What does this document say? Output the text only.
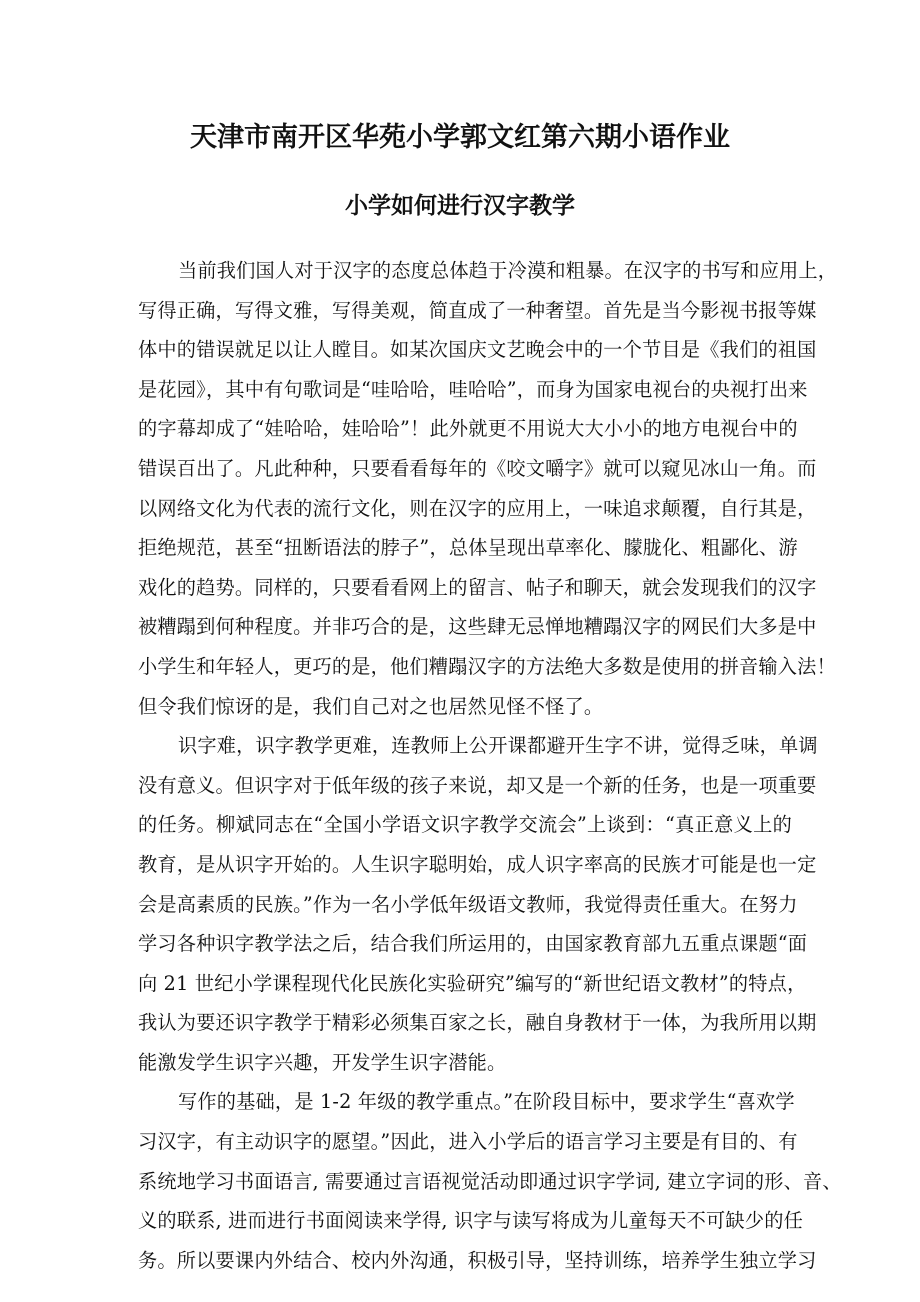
天津市南开区华苑小学郭文红第六期小语作业
小学如何进行汉字教学
当前我们国人对于汉字的态度总体趋于冷漠和粗暴。在汉字的书写和应用上，
写得正确，写得文雅，写得美观，简直成了一种奢望。首先是当今影视书报等媒
体中的错误就足以让人瞠目。如某次国庆文艺晚会中的一个节目是《我们的祖国
是花园》，其中有句歌词是“哇哈哈，哇哈哈”，而身为国家电视台的央视打出来
的字幕却成了“娃哈哈，娃哈哈”！此外就更不用说大大小小的地方电视台中的
错误百出了。凡此种种，只要看看每年的《咬文嚼字》就可以窥见冰山一角。而
以网络文化为代表的流行文化，则在汉字的应用上，一味追求颠覆，自行其是，
拒绝规范，甚至“扭断语法的脖子”，总体呈现出草率化、朦胧化、粗鄙化、游
戏化的趋势。同样的，只要看看网上的留言、帖子和聊天，就会发现我们的汉字
被糟蹋到何种程度。并非巧合的是，这些肆无忌惮地糟蹋汉字的网民们大多是中
小学生和年轻人，更巧的是，他们糟蹋汉字的方法绝大多数是使用的拼音输入法！
但令我们惊讶的是，我们自己对之也居然见怪不怪了。
识字难，识字教学更难，连教师上公开课都避开生字不讲，觉得乏味，单调
没有意义。但识字对于低年级的孩子来说，却又是一个新的任务，也是一项重要
的任务。柳斌同志在“全国小学语文识字教学交流会”上谈到：“真正意义上的
教育，是从识字开始的。人生识字聪明始，成人识字率高的民族才可能是也一定
会是高素质的民族。”作为一名小学低年级语文教师，我觉得责任重大。在努力
学习各种识字教学法之后，结合我们所运用的，由国家教育部九五重点课题“面
向 21 世纪小学课程现代化民族化实验研究”编写的“新世纪语文教材”的特点，
我认为要还识字教学于精彩必须集百家之长，融自身教材于一体，为我所用以期
能激发学生识字兴趣，开发学生识字潜能。
写作的基础，是 1-2 年级的教学重点。”在阶段目标中，要求学生“喜欢学
习汉字，有主动识字的愿望。”因此，进入小学后的语言学习主要是有目的、有
系统地学习书面语言, 需要通过言语视觉活动即通过识字学词, 建立字词的形、音、
义的联系, 进而进行书面阅读来学得, 识字与读写将成为儿童每天不可缺少的任
务。所以要课内外结合、校内外沟通，积极引导，坚持训练，培养学生独立学习
